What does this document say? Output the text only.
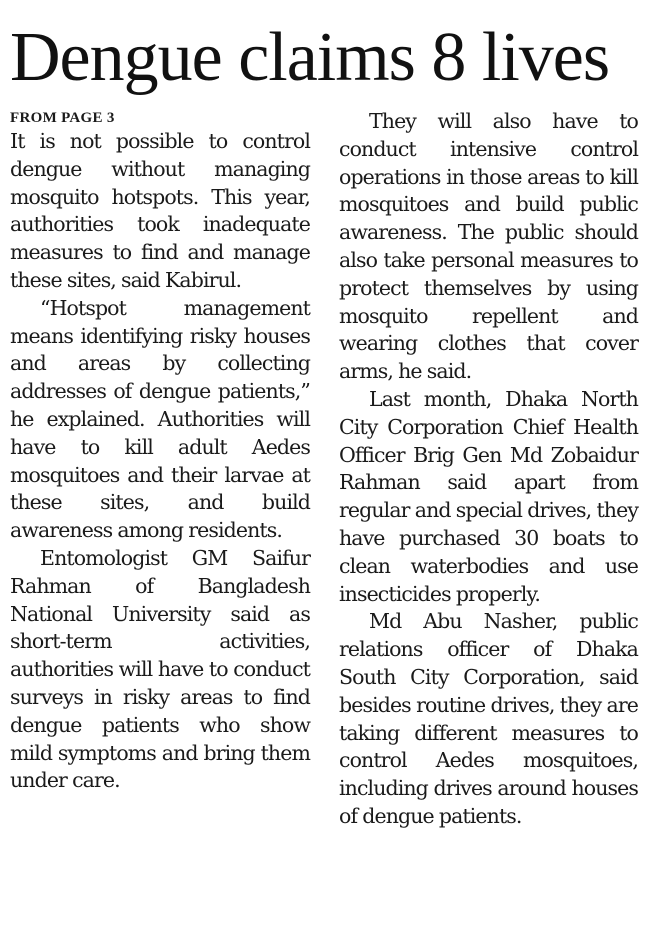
Dengue claims 8 lives
FROM PAGE 3

It is not possible to control dengue without managing mosquito hotspots. This year, authorities took inadequate measures to find and manage these sites, said Kabirul.

“Hotspot management means identifying risky houses and areas by collecting addresses of dengue patients,” he explained. Authorities will have to kill adult Aedes mosquitoes and their larvae at these sites, and build awareness among residents.

Entomologist GM Saifur Rahman of Bangladesh National University said as short-term activities, authorities will have to conduct surveys in risky areas to find dengue patients who show mild symptoms and bring them under care.

They will also have to conduct intensive control operations in those areas to kill mosquitoes and build public awareness. The public should also take personal measures to protect themselves by using mosquito repellent and wearing clothes that cover arms, he said.

Last month, Dhaka North City Corporation Chief Health Officer Brig Gen Md Zobaidur Rahman said apart from regular and special drives, they have purchased 30 boats to clean waterbodies and use insecticides properly.

Md Abu Nasher, public relations officer of Dhaka South City Corporation, said besides routine drives, they are taking different measures to control Aedes mosquitoes, including drives around houses of dengue patients.
